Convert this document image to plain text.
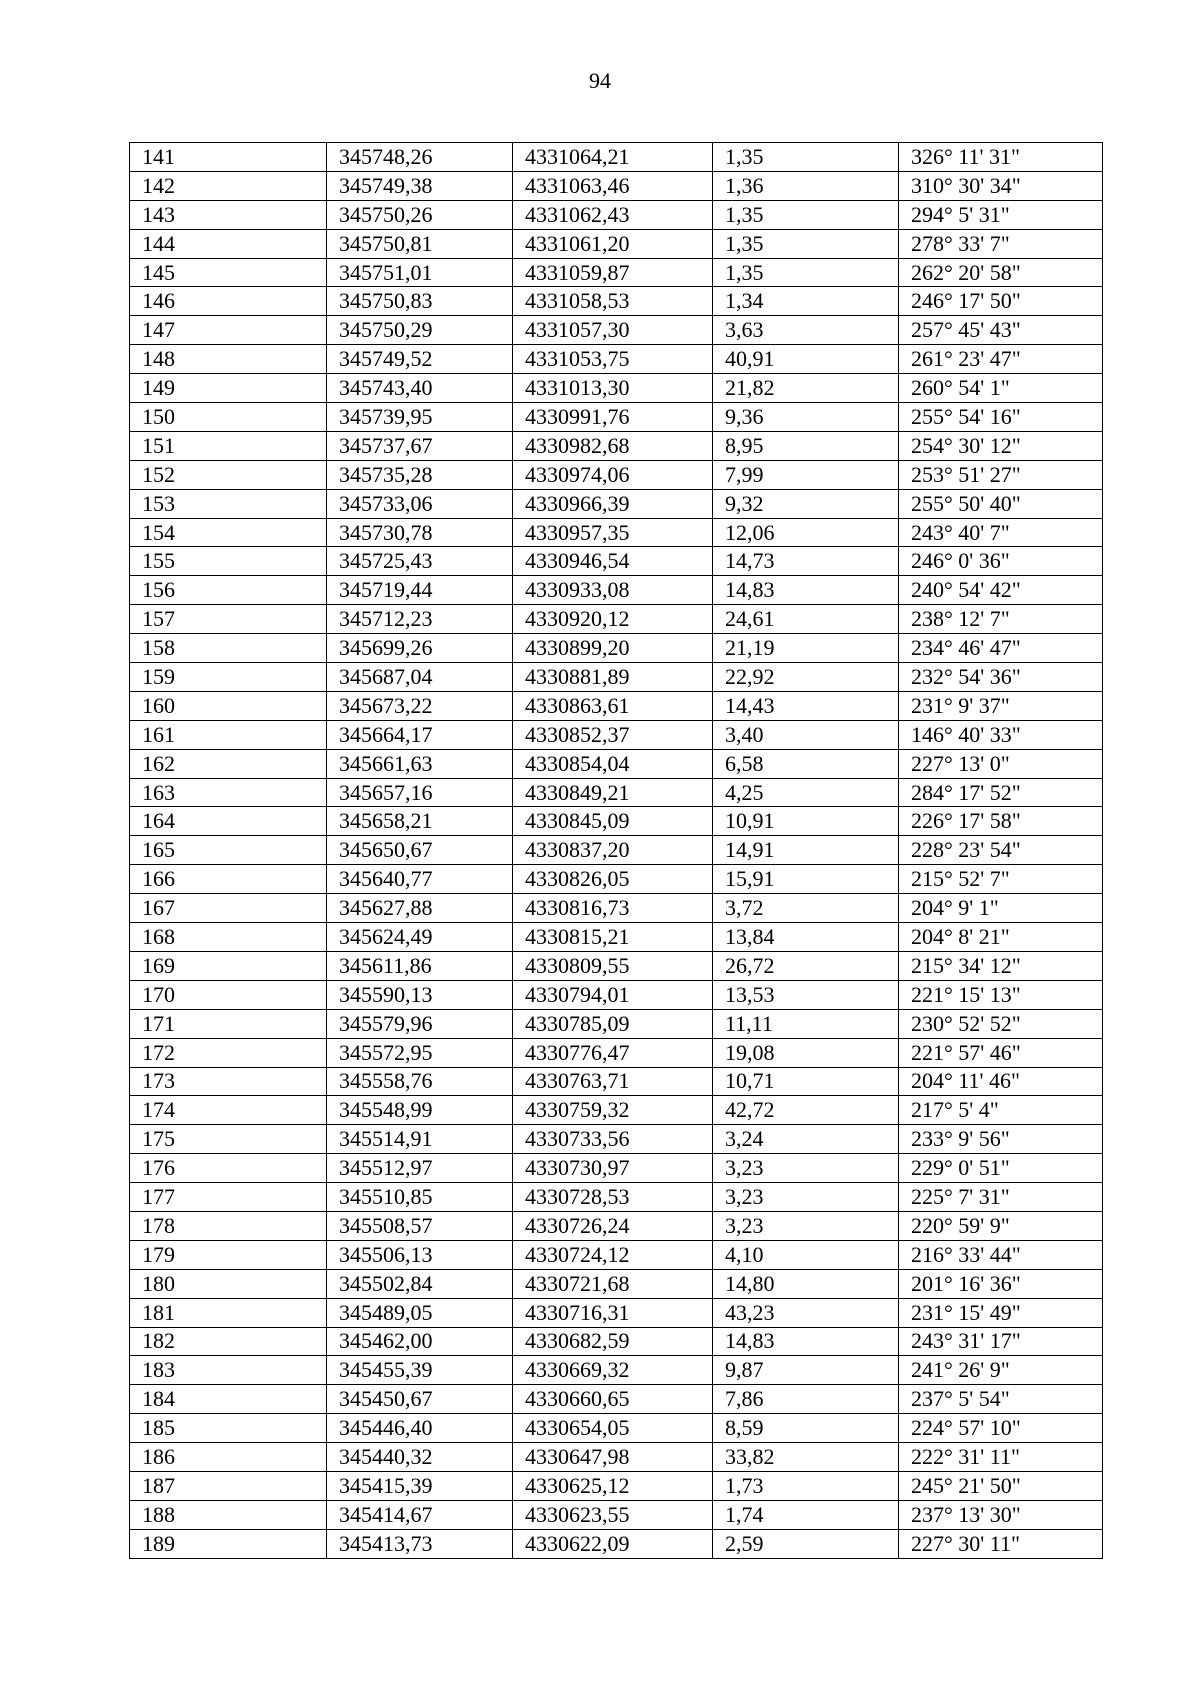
94
141	345748,26	4331064,21	1,35	326° 11' 31"
142	345749,38	4331063,46	1,36	310° 30' 34"
143	345750,26	4331062,43	1,35	294° 5' 31"
144	345750,81	4331061,20	1,35	278° 33' 7"
145	345751,01	4331059,87	1,35	262° 20' 58"
146	345750,83	4331058,53	1,34	246° 17' 50"
147	345750,29	4331057,30	3,63	257° 45' 43"
148	345749,52	4331053,75	40,91	261° 23' 47"
149	345743,40	4331013,30	21,82	260° 54' 1"
150	345739,95	4330991,76	9,36	255° 54' 16"
151	345737,67	4330982,68	8,95	254° 30' 12"
152	345735,28	4330974,06	7,99	253° 51' 27"
153	345733,06	4330966,39	9,32	255° 50' 40"
154	345730,78	4330957,35	12,06	243° 40' 7"
155	345725,43	4330946,54	14,73	246° 0' 36"
156	345719,44	4330933,08	14,83	240° 54' 42"
157	345712,23	4330920,12	24,61	238° 12' 7"
158	345699,26	4330899,20	21,19	234° 46' 47"
159	345687,04	4330881,89	22,92	232° 54' 36"
160	345673,22	4330863,61	14,43	231° 9' 37"
161	345664,17	4330852,37	3,40	146° 40' 33"
162	345661,63	4330854,04	6,58	227° 13' 0"
163	345657,16	4330849,21	4,25	284° 17' 52"
164	345658,21	4330845,09	10,91	226° 17' 58"
165	345650,67	4330837,20	14,91	228° 23' 54"
166	345640,77	4330826,05	15,91	215° 52' 7"
167	345627,88	4330816,73	3,72	204° 9' 1"
168	345624,49	4330815,21	13,84	204° 8' 21"
169	345611,86	4330809,55	26,72	215° 34' 12"
170	345590,13	4330794,01	13,53	221° 15' 13"
171	345579,96	4330785,09	11,11	230° 52' 52"
172	345572,95	4330776,47	19,08	221° 57' 46"
173	345558,76	4330763,71	10,71	204° 11' 46"
174	345548,99	4330759,32	42,72	217° 5' 4"
175	345514,91	4330733,56	3,24	233° 9' 56"
176	345512,97	4330730,97	3,23	229° 0' 51"
177	345510,85	4330728,53	3,23	225° 7' 31"
178	345508,57	4330726,24	3,23	220° 59' 9"
179	345506,13	4330724,12	4,10	216° 33' 44"
180	345502,84	4330721,68	14,80	201° 16' 36"
181	345489,05	4330716,31	43,23	231° 15' 49"
182	345462,00	4330682,59	14,83	243° 31' 17"
183	345455,39	4330669,32	9,87	241° 26' 9"
184	345450,67	4330660,65	7,86	237° 5' 54"
185	345446,40	4330654,05	8,59	224° 57' 10"
186	345440,32	4330647,98	33,82	222° 31' 11"
187	345415,39	4330625,12	1,73	245° 21' 50"
188	345414,67	4330623,55	1,74	237° 13' 30"
189	345413,73	4330622,09	2,59	227° 30' 11"
